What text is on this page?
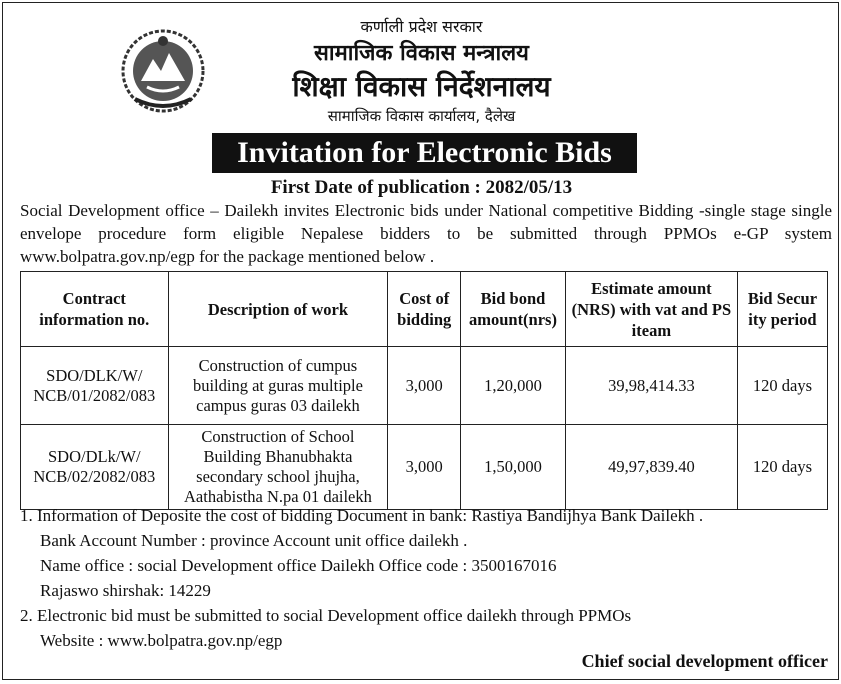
कर्णाली प्रदेश सरकार
सामाजिक विकास मन्त्रालय
शिक्षा विकास निर्देशनालय
सामाजिक विकास कार्यालय, दैलेख
Invitation for Electronic Bids
First Date of publication : 2082/05/13
Social Development office – Dailekh invites Electronic bids under National competitive Bidding -single stage single envelope procedure form eligible Nepalese bidders to be submitted through PPMOs e-GP system www.bolpatra.gov.np/egp for the package mentioned below .
Contract information no.	Description of work	Cost of bidding	Bid bond amount(nrs)	Estimate amount (NRS) with vat and PS iteam	Bid Secur ity period
SDO/DLK/W/ NCB/01/2082/083	Construction of cumpus building at guras multiple campus guras 03 dailekh	3,000	1,20,000	39,98,414.33	120 days
SDO/DLk/W/ NCB/02/2082/083	Construction of School Building Bhanubhakta secondary school jhujha, Aathabistha N.pa 01 dailekh	3,000	1,50,000	49,97,839.40	120 days
1. Information of Deposite the cost of bidding Document in bank: Rastiya Bandijhya Bank Dailekh .
Bank Account Number : province Account unit office dailekh .
Name office : social Development office Dailekh Office code : 3500167016
Rajaswo shirshak: 14229
2. Electronic bid must be submitted to social Development office dailekh through PPMOs
Website : www.bolpatra.gov.np/egp
Chief social development officer
